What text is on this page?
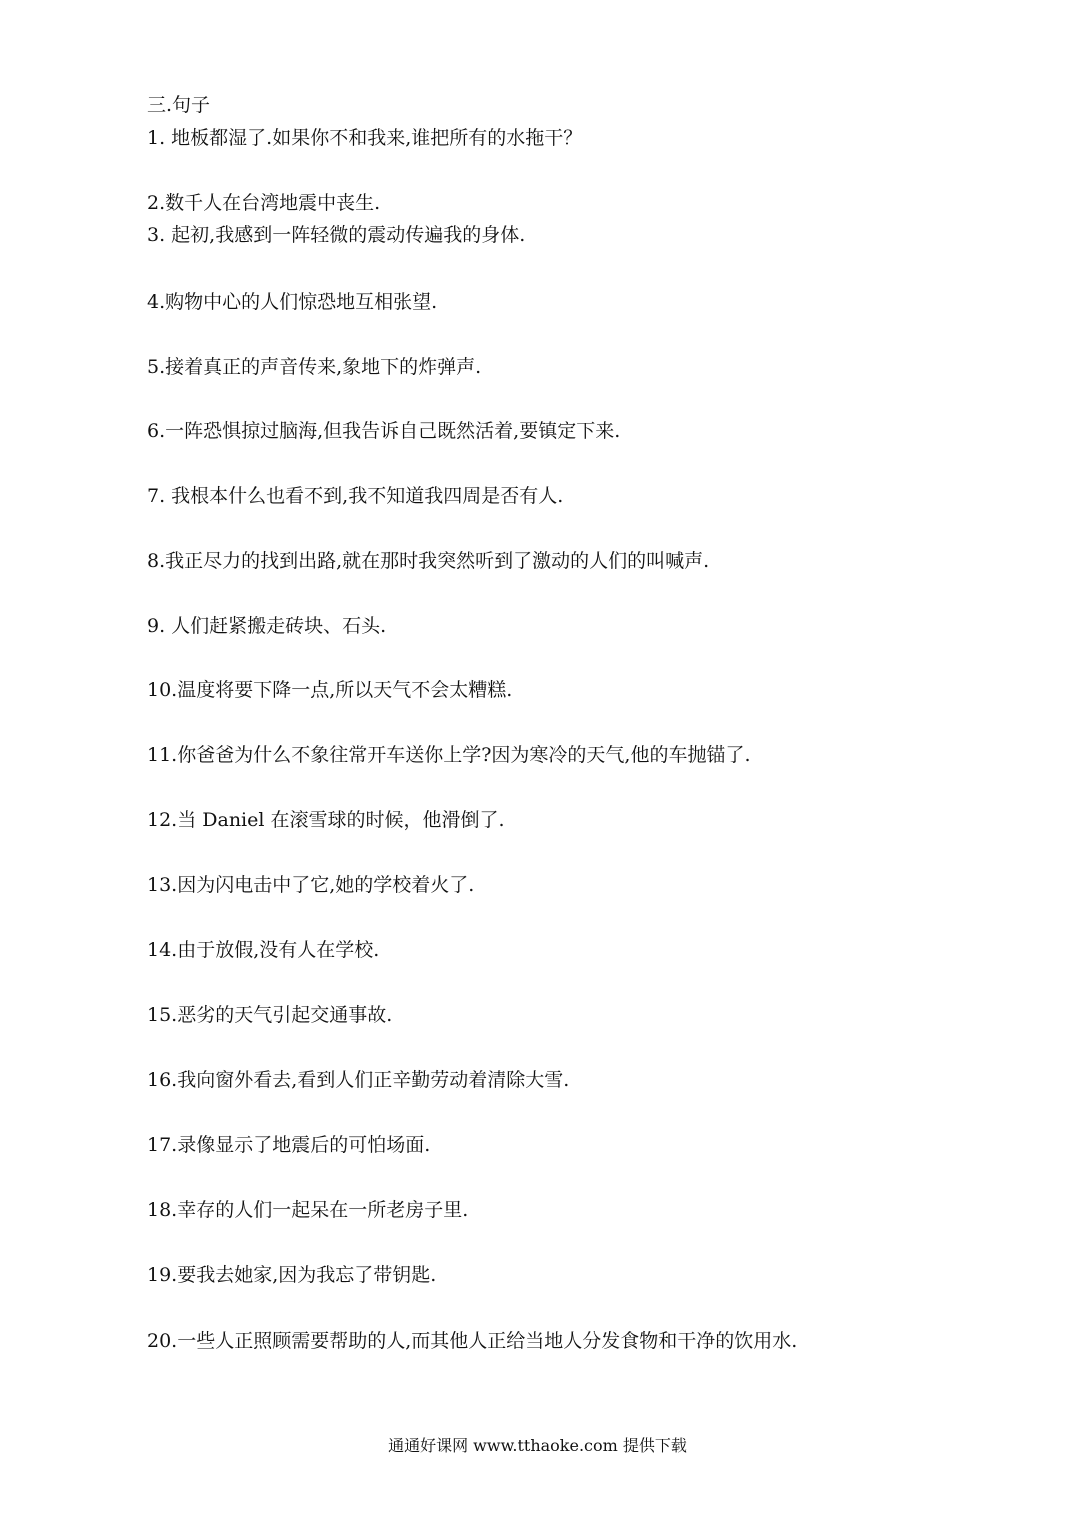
三.句子
1. 地板都湿了.如果你不和我来,谁把所有的水拖干？
2.数千人在台湾地震中丧生.
3. 起初,我感到一阵轻微的震动传遍我的身体.
4.购物中心的人们惊恐地互相张望.
5.接着真正的声音传来,象地下的炸弹声.
6.一阵恐惧掠过脑海,但我告诉自己既然活着,要镇定下来.
7. 我根本什么也看不到,我不知道我四周是否有人.
8.我正尽力的找到出路,就在那时我突然听到了激动的人们的叫喊声.
9. 人们赶紧搬走砖块、石头.
10.温度将要下降一点,所以天气不会太糟糕.
11.你爸爸为什么不象往常开车送你上学?因为寒冷的天气,他的车抛锚了.
12.当 Daniel 在滚雪球的时候，他滑倒了.
13.因为闪电击中了它,她的学校着火了.
14.由于放假,没有人在学校.
15.恶劣的天气引起交通事故.
16.我向窗外看去,看到人们正辛勤劳动着清除大雪.
17.录像显示了地震后的可怕场面.
18.幸存的人们一起呆在一所老房子里.
19.要我去她家,因为我忘了带钥匙.
20.一些人正照顾需要帮助的人,而其他人正给当地人分发食物和干净的饮用水.
通通好课网 www.tthaoke.com 提供下载
